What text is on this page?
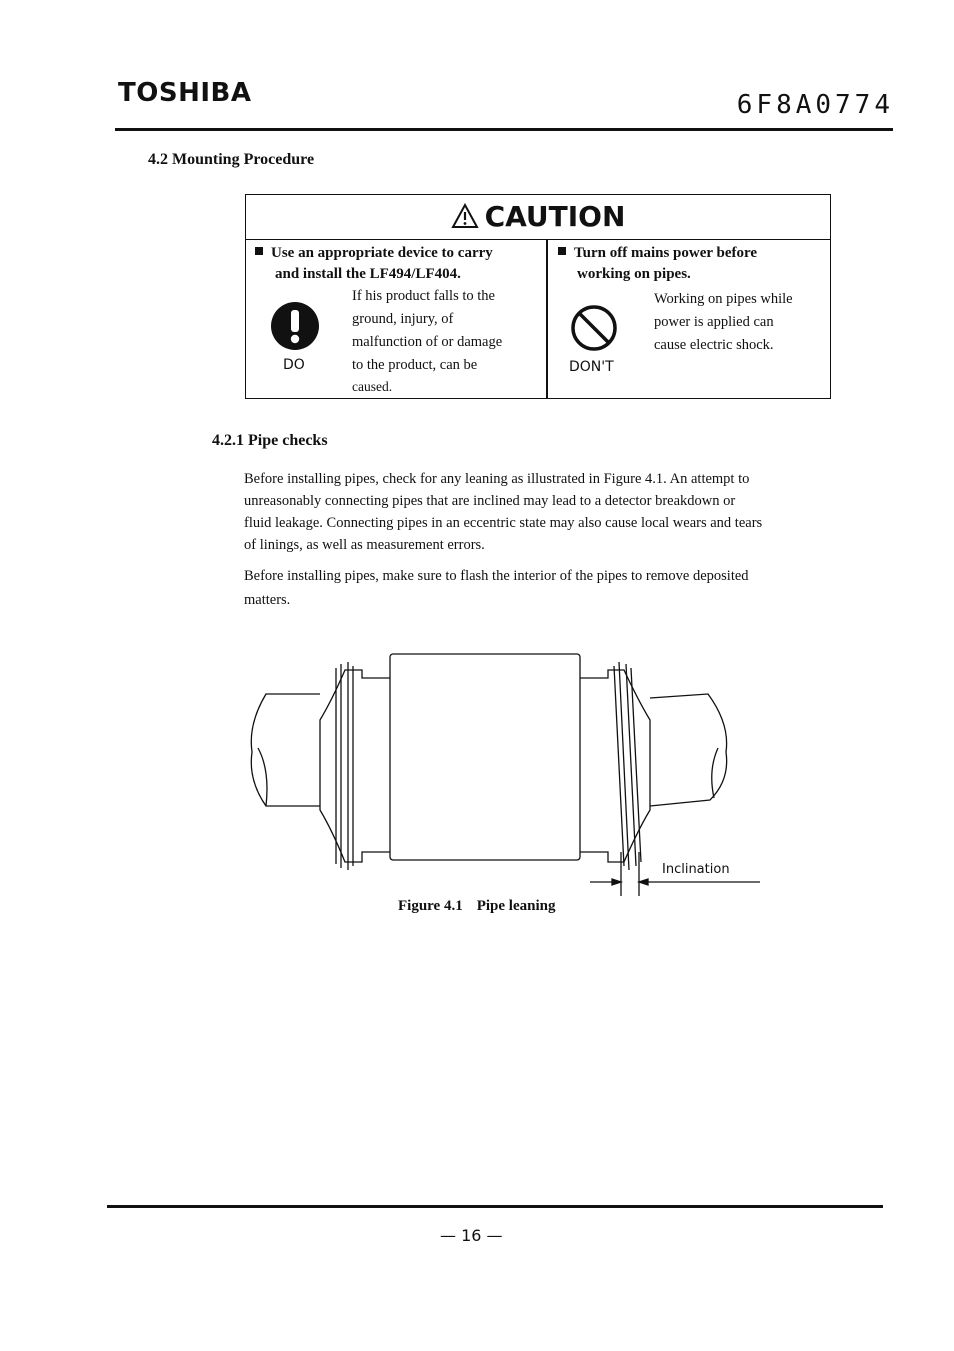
TOSHIBA	6F8A0774
4.2 Mounting Procedure
CAUTION
Use an appropriate device to carry
and install the LF494/LF404.
DO
If his product falls to the
ground, injury, of
malfunction of or damage
to the product, can be
caused.
Turn off mains power before
working on pipes.
DON'T
Working on pipes while
power is applied can
cause electric shock.
4.2.1 Pipe checks
Before installing pipes, check for any leaning as illustrated in Figure 4.1. An attempt to
unreasonably connecting pipes that are inclined may lead to a detector breakdown or
fluid leakage. Connecting pipes in an eccentric state may also cause local wears and tears
of linings, as well as measurement errors.
Before installing pipes, make sure to flash the interior of the pipes to remove deposited
matters.
Inclination
Figure 4.1 Pipe leaning
— 16 —
